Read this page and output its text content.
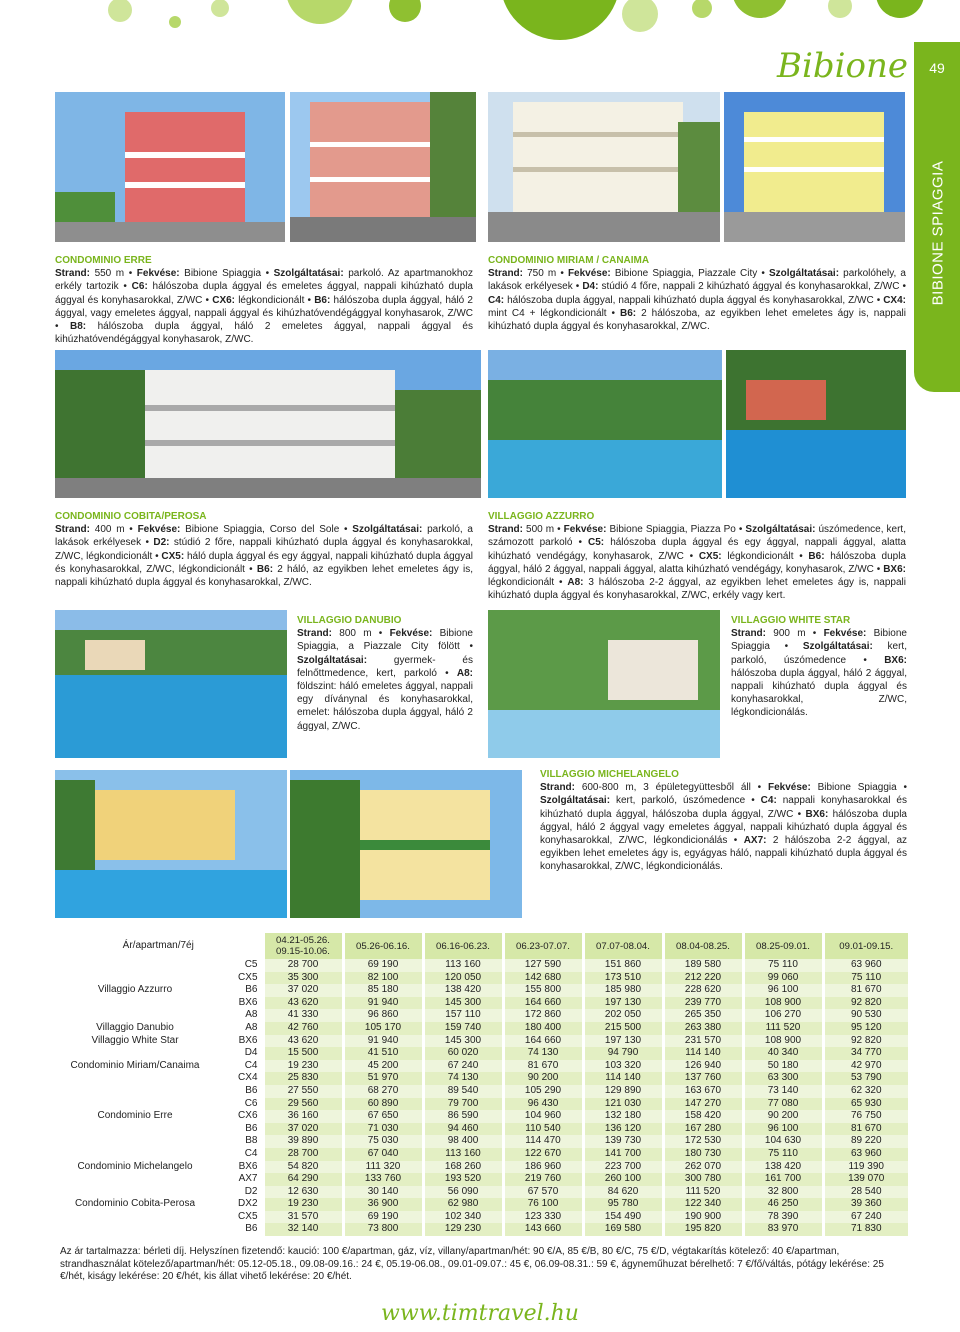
Bibione	49
BIBIONE SPIAGGIA
CONDOMINIO ERRE
Strand: 550 m • Fekvése: Bibione Spiaggia • Szolgáltatásai: parkoló. Az apartmanokhoz erkély tartozik • C6: hálószoba dupla ággyal és emeletes ággyal, nappali kihúzható dupla ággyal és konyhasarokkal, Z/WC • CX6: légkondicionált • B6: hálószoba dupla ággyal, háló 2 ággyal, vagy emeletes ággyal, nappali ággyal és kihúzhatóvendégággyal konyhasarok, Z/WC • B8: hálószoba dupla ággyal, háló 2 emeletes ággyal, nappali ággyal és kihúzhatóvendégággyal konyhasarok, Z/WC.
CONDOMINIO MIRIAM / CANAIMA
Strand: 750 m • Fekvése: Bibione Spiaggia, Piazzale City • Szolgáltatásai: parkolóhely, a lakások erkélyesek • D4: stúdió 4 főre, nappali 2 kihúzható ággyal és konyhasarokkal, Z/WC • C4: hálószoba dupla ággyal, nappali kihúzható dupla ággyal és konyhasarokkal, Z/WC • CX4: mint C4 + légkondicionált • B6: 2 hálószoba, az egyikben lehet emeletes ágy is, nappali kihúzható dupla ággyal és konyhasarokkal, Z/WC.
CONDOMINIO COBITA/PEROSA
Strand: 400 m • Fekvése: Bibione Spiaggia, Corso del Sole • Szolgáltatásai: parkoló, a lakások erkélyesek • D2: stúdió 2 főre, nappali kihúzható dupla ággyal és konyhasarokkal, Z/WC, légkondicionált • CX5: háló dupla ággyal és egy ággyal, nappali kihúzható dupla ággyal és konyhasarokkal, Z/WC, légkondicionált • B6: 2 háló, az egyikben lehet emeletes ágy is, nappali kihúzható dupla ággyal és konyhasarokkal, Z/WC.
VILLAGGIO AZZURRO
Strand: 500 m • Fekvése: Bibione Spiaggia, Piazza Po • Szolgáltatásai: úszómedence, kert, számozott parkoló • C5: hálószoba dupla ággyal és egy ággyal, nappali ággyal, alatta kihúzható vendégágy, konyhasarok, Z/WC • CX5: légkondicionált • B6: hálószoba dupla ággyal, háló 2 ággyal, nappali ággyal, alatta kihúzható vendégágy, konyhasarok, Z/WC • BX6: légkondicionált • A8: 3 hálószoba 2-2 ággyal, az egyikben lehet emeletes ágy is, nappali kihúzható dupla ággyal és konyhasarokkal, Z/WC, erkély vagy kert.
VILLAGGIO DANUBIO
Strand: 800 m • Fekvése: Bibione Spiaggia, a Piazzale City fölött • Szolgáltatásai: gyermek- és felnőttmedence, kert, parkoló • A8: földszint: háló emeletes ággyal, nappali egy díványnal és konyhasarokkal, emelet: hálószoba dupla ággyal, háló 2 ággyal, Z/WC.
VILLAGGIO WHITE STAR
Strand: 900 m • Fekvése: Bibione Spiaggia • Szolgáltatásai: kert, parkoló, úszómedence • BX6: hálószoba dupla ággyal, háló 2 ággyal, nappali kihúzható dupla ággyal és konyhasarokkal, Z/WC, légkondicionálás.
VILLAGGIO MICHELANGELO
Strand: 600-800 m, 3 épületegyüttesből áll • Fekvése: Bibione Spiaggia • Szolgáltatásai: kert, parkoló, úszómedence • C4: nappali konyhasarokkal és kihúzható dupla ággyal, hálószoba dupla ággyal, Z/WC • BX6: hálószoba dupla ággyal, háló 2 ággyal vagy emeletes ággyal, nappali kihúzható dupla ággyal és konyhasarokkal, Z/WC, légkondicionálás • AX7: 2 hálószoba 2-2 ággyal, az egyikben lehet emeletes ágy is, egyágyas háló, nappali kihúzható dupla ággyal és konyhasarokkal, Z/WC, légkondicionálás.
Ár/apartman/7éj		04.21-05.26. 09.15-10.06.	05.26-06.16.	06.16-06.23.	06.23-07.07.	07.07-08.04.	08.04-08.25.	08.25-09.01.	09.01-09.15.
	C5	28 700	69 190	113 160	127 590	151 860	189 580	75 110	63 960
	CX5	35 300	82 100	120 050	142 680	173 510	212 220	99 060	75 110
Villaggio Azzurro	B6	37 020	85 180	138 420	155 800	185 980	228 620	96 100	81 670
	BX6	43 620	91 940	145 300	164 660	197 130	239 770	108 900	92 820
	A8	41 330	96 860	157 110	172 860	202 050	265 350	106 270	90 530
Villaggio Danubio	A8	42 760	105 170	159 740	180 400	215 500	263 380	111 520	95 120
Villaggio White Star	BX6	43 620	91 940	145 300	164 660	197 130	231 570	108 900	92 820
	D4	15 500	41 510	60 020	74 130	94 790	114 140	40 340	34 770
Condominio Miriam/Canaima	C4	19 230	45 200	67 240	81 670	103 320	126 940	50 180	42 970
	CX4	25 830	51 970	74 130	90 200	114 140	137 760	63 300	53 790
	B6	27 550	68 270	89 540	105 290	129 890	163 670	73 140	62 320
	C6	29 560	60 890	79 700	96 430	121 030	147 270	77 080	65 930
Condominio Erre	CX6	36 160	67 650	86 590	104 960	132 180	158 420	90 200	76 750
	B6	37 020	71 030	94 460	110 540	136 120	167 280	96 100	81 670
	B8	39 890	75 030	98 400	114 470	139 730	172 530	104 630	89 220
	C4	28 700	67 040	113 160	122 670	141 700	180 730	75 110	63 960
Condominio Michelangelo	BX6	54 820	111 320	168 260	186 960	223 700	262 070	138 420	119 390
	AX7	64 290	133 760	193 520	219 760	260 100	300 780	161 700	139 070
	D2	12 630	30 140	56 090	67 570	84 620	111 520	32 800	28 540
Condominio Cobita-Perosa	DX2	19 230	36 900	62 980	76 100	95 780	122 340	46 250	39 360
	CX5	31 570	69 190	102 340	123 330	154 490	190 900	78 390	67 240
	B6	32 140	73 800	129 230	143 660	169 580	195 820	83 970	71 830
Az ár tartalmazza: bérleti díj. Helyszínen fizetendő: kaució: 100 €/apartman, gáz, víz, villany/apartman/hét: 90 €/A, 85 €/B, 80 €/C, 75 €/D, végtakarítás kötelező: 40 €/apartman, strandhasználat kötelező/apartman/hét: 05.12-05.18., 09.08-09.16.: 24 €, 05.19-06.08., 09.01-09.07.: 45 €, 06.09-08.31.: 59 €, ágyneműhuzat bérelhető: 7 €/fő/váltás, pótágy lekérése: 25 €/hét, kiságy lekérése: 20 €/hét, kis állat vihető lekérése: 20 €/hét.
www.timtravel.hu
